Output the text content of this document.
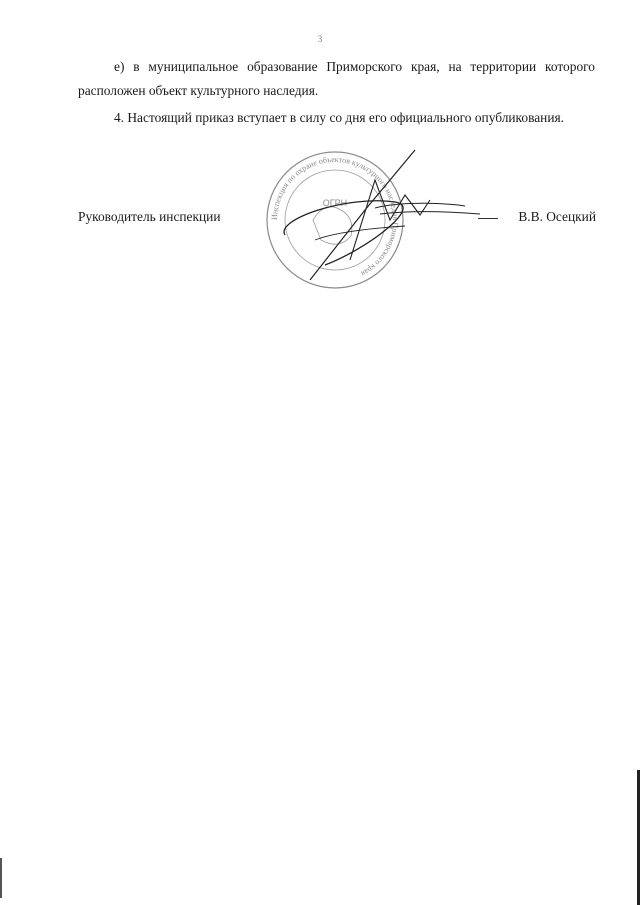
3

е) в муниципальное образование Приморского края, на территории которого расположен объект культурного наследия.

4. Настоящий приказ вступает в силу со дня его официального опубликования.

Инспекция по охране объектов культурного наследия Приморского края
ОГРН
Руководитель инспекции	В.В. Осецкий
